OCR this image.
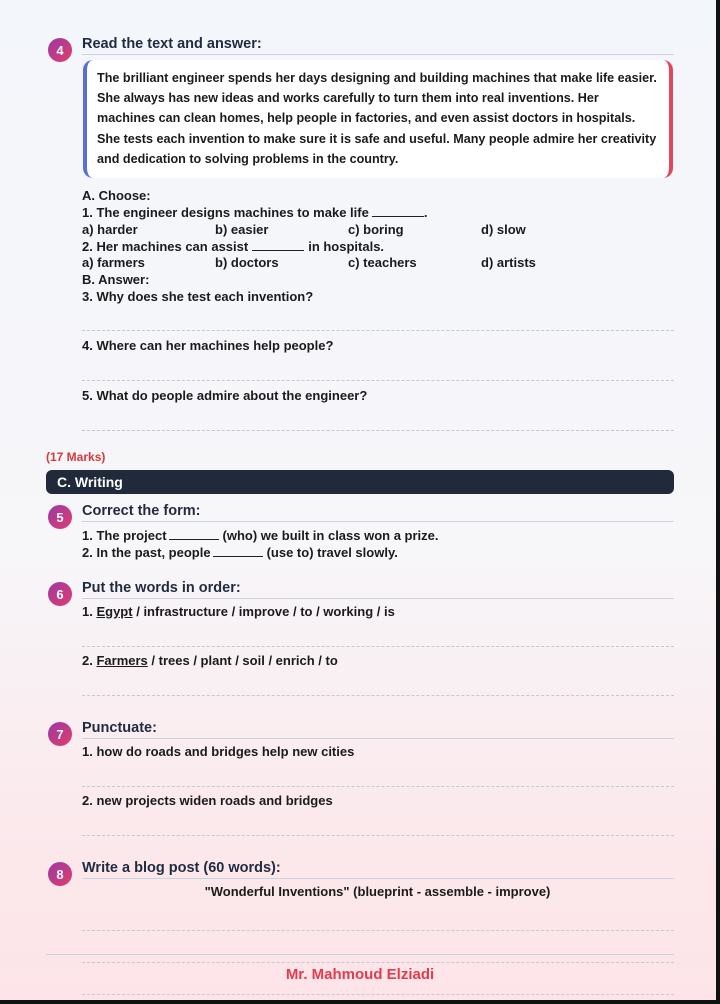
4	Read the text and answer:
The brilliant engineer spends her days designing and building machines that make life easier. She always has new ideas and works carefully to turn them into real inventions. Her machines can clean homes, help people in factories, and even assist doctors in hospitals. She tests each invention to make sure it is safe and useful. Many people admire her creativity and dedication to solving problems in the country.
A. Choose:
1. The engineer designs machines to make life	.
a) harder	b) easier	c) boring	d) slow
2. Her machines can assist	in hospitals.
a) farmers	b) doctors	c) teachers	d) artists
B. Answer:
3. Why does she test each invention?
4. Where can her machines help people?
5. What do people admire about the engineer?
(17 Marks)
C. Writing
5	Correct the form:
1. The project	(who) we built in class won a prize.
2. In the past, people	(use to) travel slowly.
6	Put the words in order:
1. Egypt / infrastructure / improve / to / working / is
2. Farmers / trees / plant / soil / enrich / to
7	Punctuate:
1. how do roads and bridges help new cities
2. new projects widen roads and bridges
8	Write a blog post (60 words):
"Wonderful Inventions" (blueprint - assemble - improve)
Mr. Mahmoud Elziadi
